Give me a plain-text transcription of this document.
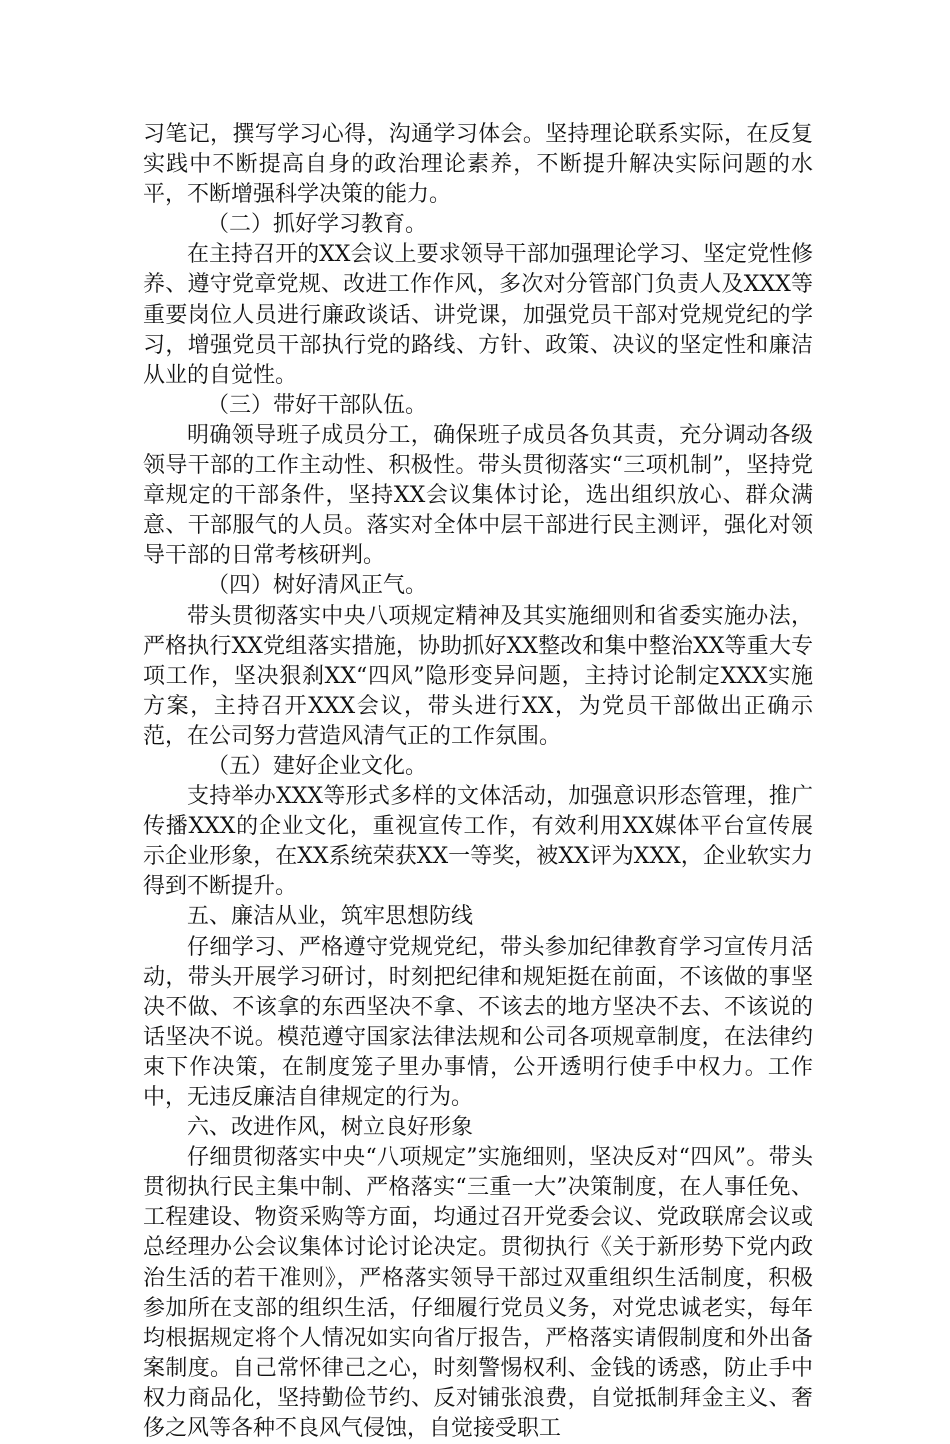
习笔记，撰写学习心得，沟通学习体会。坚持理论联系实际，在反复实践中不断提高自身的政治理论素养，不断提升解决实际问题的水平，不断增强科学决策的能力。

（二）抓好学习教育。

在主持召开的XX会议上要求领导干部加强理论学习、坚定党性修养、遵守党章党规、改进工作作风，多次对分管部门负责人及XXX等重要岗位人员进行廉政谈话、讲党课，加强党员干部对党规党纪的学习，增强党员干部执行党的路线、方针、政策、决议的坚定性和廉洁从业的自觉性。

（三）带好干部队伍。

明确领导班子成员分工，确保班子成员各负其责，充分调动各级领导干部的工作主动性、积极性。带头贯彻落实“三项机制”，坚持党章规定的干部条件，坚持XX会议集体讨论，选出组织放心、群众满意、干部服气的人员。落实对全体中层干部进行民主测评，强化对领导干部的日常考核研判。

（四）树好清风正气。

带头贯彻落实中央八项规定精神及其实施细则和省委实施办法，严格执行XX党组落实措施，协助抓好XX整改和集中整治XX等重大专项工作，坚决狠刹XX“四风”隐形变异问题，主持讨论制定XXX实施方案，主持召开XXX会议，带头进行XX，为党员干部做出正确示范，在公司努力营造风清气正的工作氛围。

（五）建好企业文化。

支持举办XXX等形式多样的文体活动，加强意识形态管理，推广传播XXX的企业文化，重视宣传工作，有效利用XX媒体平台宣传展示企业形象，在XX系统荣获XX一等奖，被XX评为XXX，企业软实力得到不断提升。

五、廉洁从业，筑牢思想防线

仔细学习、严格遵守党规党纪，带头参加纪律教育学习宣传月活动，带头开展学习研讨，时刻把纪律和规矩挺在前面，不该做的事坚决不做、不该拿的东西坚决不拿、不该去的地方坚决不去、不该说的话坚决不说。模范遵守国家法律法规和公司各项规章制度，在法律约束下作决策，在制度笼子里办事情，公开透明行使手中权力。工作中，无违反廉洁自律规定的行为。

六、改进作风，树立良好形象

仔细贯彻落实中央“八项规定”实施细则，坚决反对“四风”。带头贯彻执行民主集中制、严格落实“三重一大”决策制度，在人事任免、工程建设、物资采购等方面，均通过召开党委会议、党政联席会议或总经理办公会议集体讨论讨论决定。贯彻执行《关于新形势下党内政治生活的若干准则》，严格落实领导干部过双重组织生活制度，积极参加所在支部的组织生活，仔细履行党员义务，对党忠诚老实，每年均根据规定将个人情况如实向省厅报告，严格落实请假制度和外出备案制度。自己常怀律己之心，时刻警惕权利、金钱的诱惑，防止手中权力商品化，坚持勤俭节约、反对铺张浪费，自觉抵制拜金主义、奢侈之风等各种不良风气侵蚀，自觉接受职工
